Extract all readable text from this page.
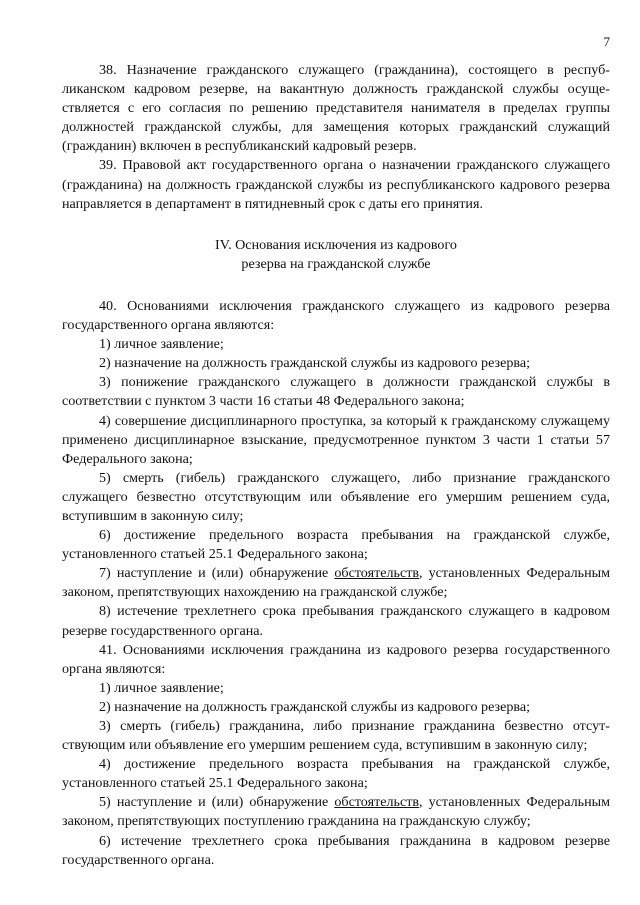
7

38. Назначение гражданского служащего (гражданина), состоящего в республиканском кадровом резерве, на вакантную должность гражданской службы осуществляется с его согласия по решению представителя нанимателя в пределах группы должностей гражданской службы, для замещения которых гражданский служащий (гражданин) включен в республиканский кадровый резерв.

39. Правовой акт государственного органа о назначении гражданского служащего (гражданина) на должность гражданской службы из республиканского кадрового резерва направляется в департамент в пятидневный срок с даты его принятия.

IV. Основания исключения из кадрового
резерва на гражданской службе

40. Основаниями исключения гражданского служащего из кадрового резерва государственного органа являются:

1) личное заявление;

2) назначение на должность гражданской службы из кадрового резерва;

3) понижение гражданского служащего в должности гражданской службы в соответствии с пунктом 3 части 16 статьи 48 Федерального закона;

4) совершение дисциплинарного проступка, за который к гражданскому служащему применено дисциплинарное взыскание, предусмотренное пунктом 3 части 1 статьи 57 Федерального закона;

5) смерть (гибель) гражданского служащего, либо признание гражданского служащего безвестно отсутствующим или объявление его умершим решением суда, вступившим в законную силу;

6) достижение предельного возраста пребывания на гражданской службе, установленного статьей 25.1 Федерального закона;

7) наступление и (или) обнаружение обстоятельств, установленных Федеральным законом, препятствующих нахождению на гражданской службе;

8) истечение трехлетнего срока пребывания гражданского служащего в кадровом резерве государственного органа.

41. Основаниями исключения гражданина из кадрового резерва государственного органа являются:

1) личное заявление;

2) назначение на должность гражданской службы из кадрового резерва;

3) смерть (гибель) гражданина, либо признание гражданина безвестно отсутствующим или объявление его умершим решением суда, вступившим в законную силу;

4) достижение предельного возраста пребывания на гражданской службе, установленного статьей 25.1 Федерального закона;

5) наступление и (или) обнаружение обстоятельств, установленных Федеральным законом, препятствующих поступлению гражданина на гражданскую службу;

6) истечение трехлетнего срока пребывания гражданина в кадровом резерве государственного органа.
